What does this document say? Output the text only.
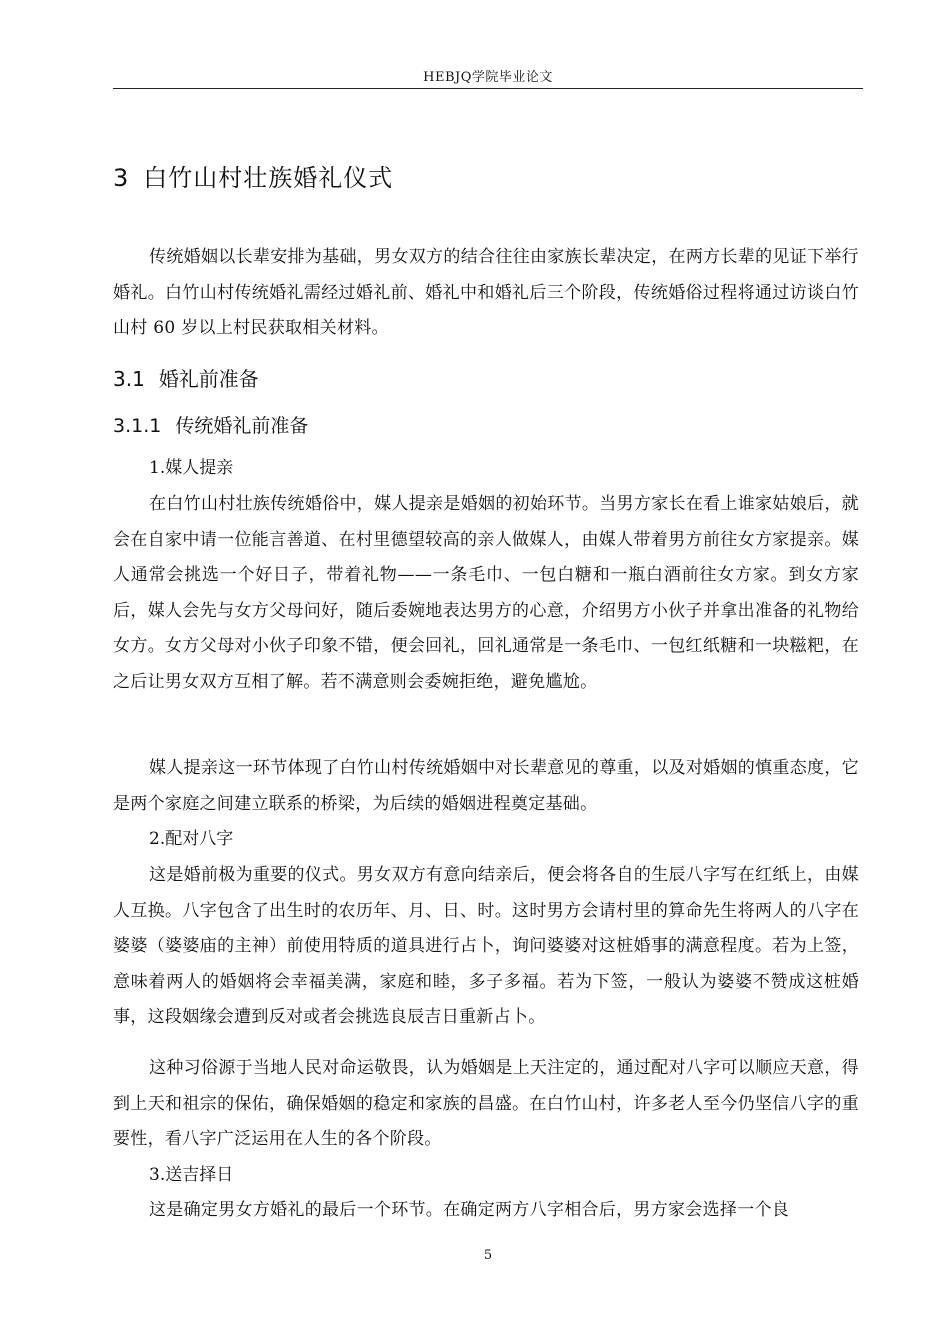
HEBJQ学院毕业论文
3 白竹山村壮族婚礼仪式

传统婚姻以长辈安排为基础，男女双方的结合往往由家族长辈决定，在两方长辈的见证下举行婚礼。白竹山村传统婚礼需经过婚礼前、婚礼中和婚礼后三个阶段，传统婚俗过程将通过访谈白竹山村 60 岁以上村民获取相关材料。

3.1 婚礼前准备
3.1.1 传统婚礼前准备
1.媒人提亲

在白竹山村壮族传统婚俗中，媒人提亲是婚姻的初始环节。当男方家长在看上谁家姑娘后，就会在自家中请一位能言善道、在村里德望较高的亲人做媒人，由媒人带着男方前往女方家提亲。媒人通常会挑选一个好日子，带着礼物——一条毛巾、一包白糖和一瓶白酒前往女方家。到女方家后，媒人会先与女方父母问好，随后委婉地表达男方的心意，介绍男方小伙子并拿出准备的礼物给女方。女方父母对小伙子印象不错，便会回礼，回礼通常是一条毛巾、一包红纸糖和一块糍粑，在之后让男女双方互相了解。若不满意则会委婉拒绝，避免尴尬。

媒人提亲这一环节体现了白竹山村传统婚姻中对长辈意见的尊重，以及对婚姻的慎重态度，它是两个家庭之间建立联系的桥梁，为后续的婚姻进程奠定基础。

2.配对八字

这是婚前极为重要的仪式。男女双方有意向结亲后，便会将各自的生辰八字写在红纸上，由媒人互换。八字包含了出生时的农历年、月、日、时。这时男方会请村里的算命先生将两人的八字在婆婆（婆婆庙的主神）前使用特质的道具进行占卜，询问婆婆对这桩婚事的满意程度。若为上签，意味着两人的婚姻将会幸福美满，家庭和睦，多子多福。若为下签，一般认为婆婆不赞成这桩婚事，这段姻缘会遭到反对或者会挑选良辰吉日重新占卜。

这种习俗源于当地人民对命运敬畏，认为婚姻是上天注定的，通过配对八字可以顺应天意，得到上天和祖宗的保佑，确保婚姻的稳定和家族的昌盛。在白竹山村，许多老人至今仍坚信八字的重要性，看八字广泛运用在人生的各个阶段。

3.送吉择日

这是确定男女方婚礼的最后一个环节。在确定两方八字相合后，男方家会选择一个良

5
